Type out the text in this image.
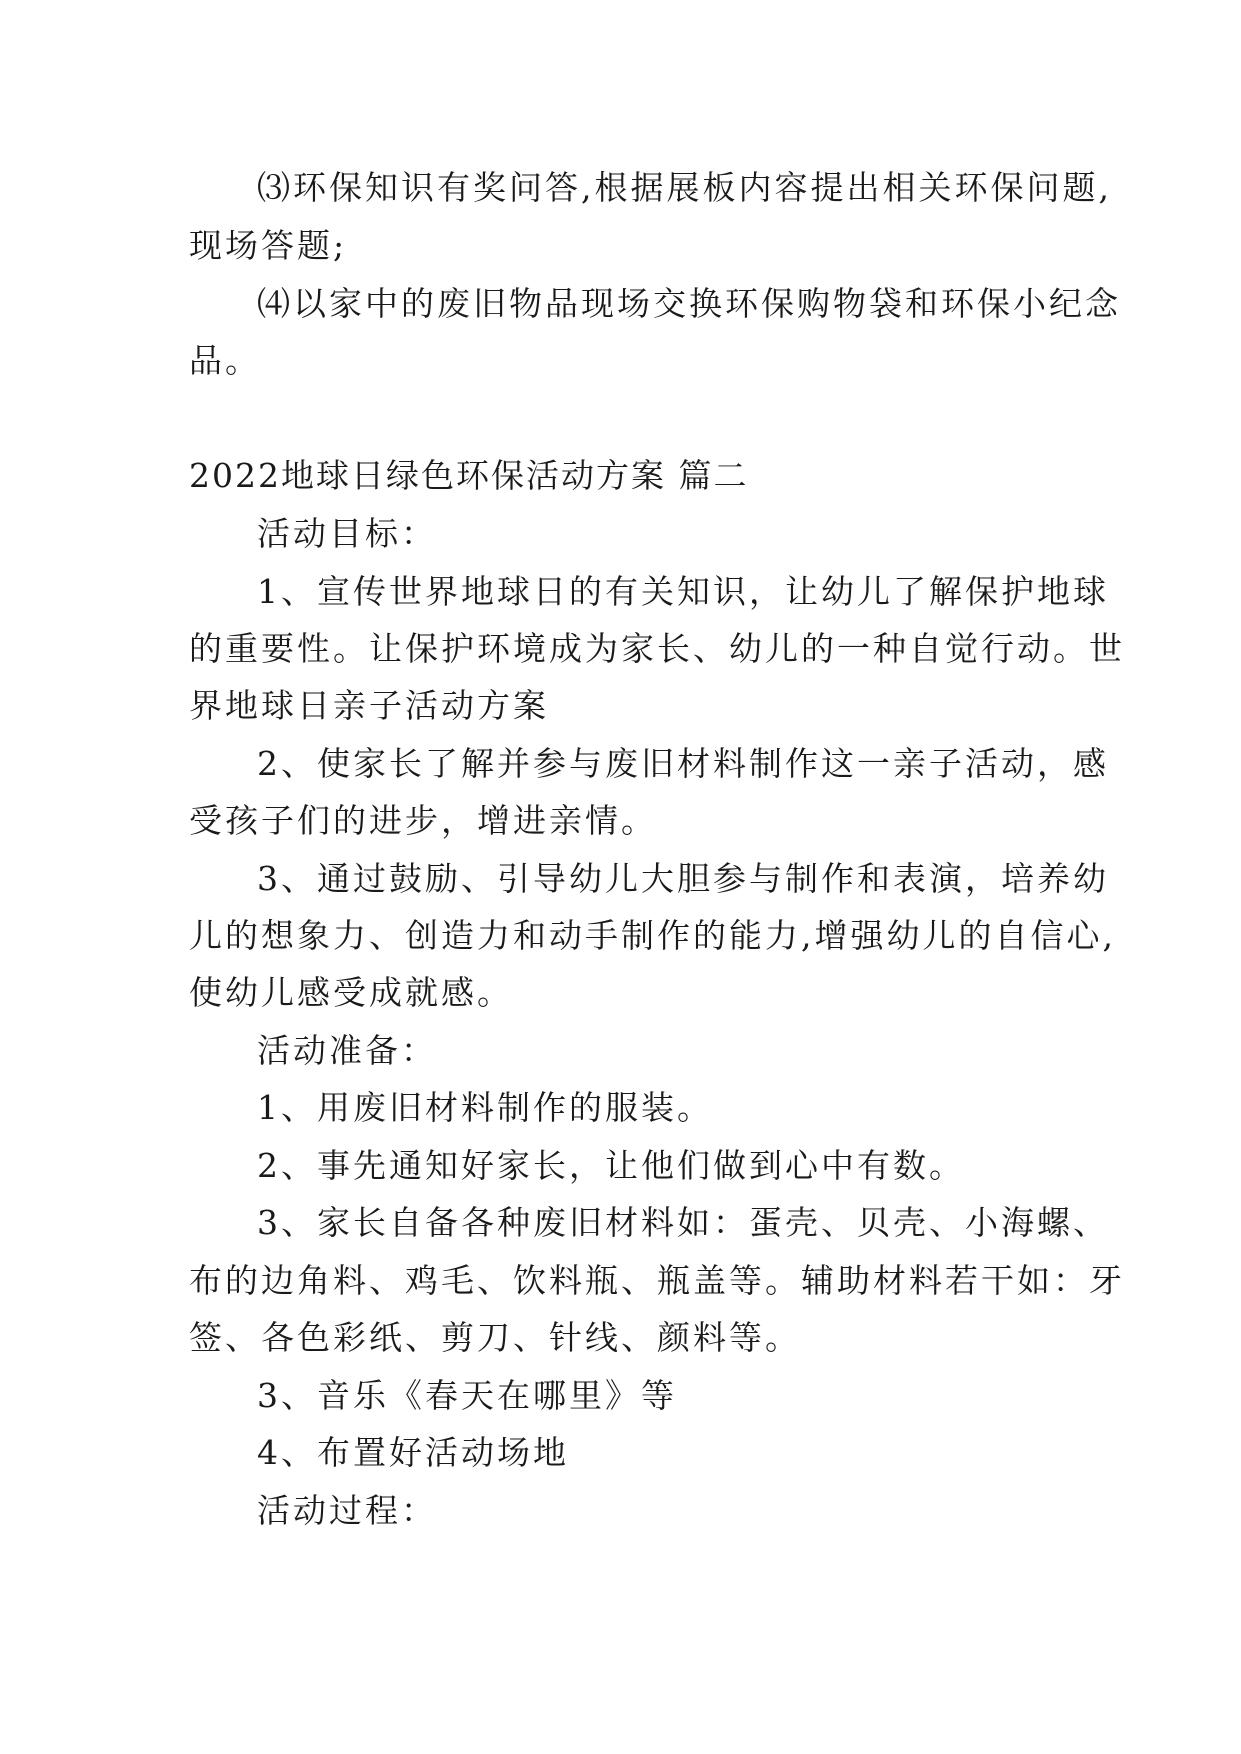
⑶环保知识有奖问答,根据展板内容提出相关环保问题,
现场答题;
⑷以家中的废旧物品现场交换环保购物袋和环保小纪念
品。
2022地球日绿色环保活动方案 篇二
活动目标：
1、宣传世界地球日的有关知识，让幼儿了解保护地球
的重要性。让保护环境成为家长、幼儿的一种自觉行动。世
界地球日亲子活动方案
2、使家长了解并参与废旧材料制作这一亲子活动，感
受孩子们的进步，增进亲情。
3、通过鼓励、引导幼儿大胆参与制作和表演，培养幼
儿的想象力、创造力和动手制作的能力,增强幼儿的自信心,
使幼儿感受成就感。
活动准备：
1、用废旧材料制作的服装。
2、事先通知好家长，让他们做到心中有数。
3、家长自备各种废旧材料如：蛋壳、贝壳、小海螺、
布的边角料、鸡毛、饮料瓶、瓶盖等。辅助材料若干如：牙
签、各色彩纸、剪刀、针线、颜料等。
3、音乐《春天在哪里》等
4、布置好活动场地
活动过程：
